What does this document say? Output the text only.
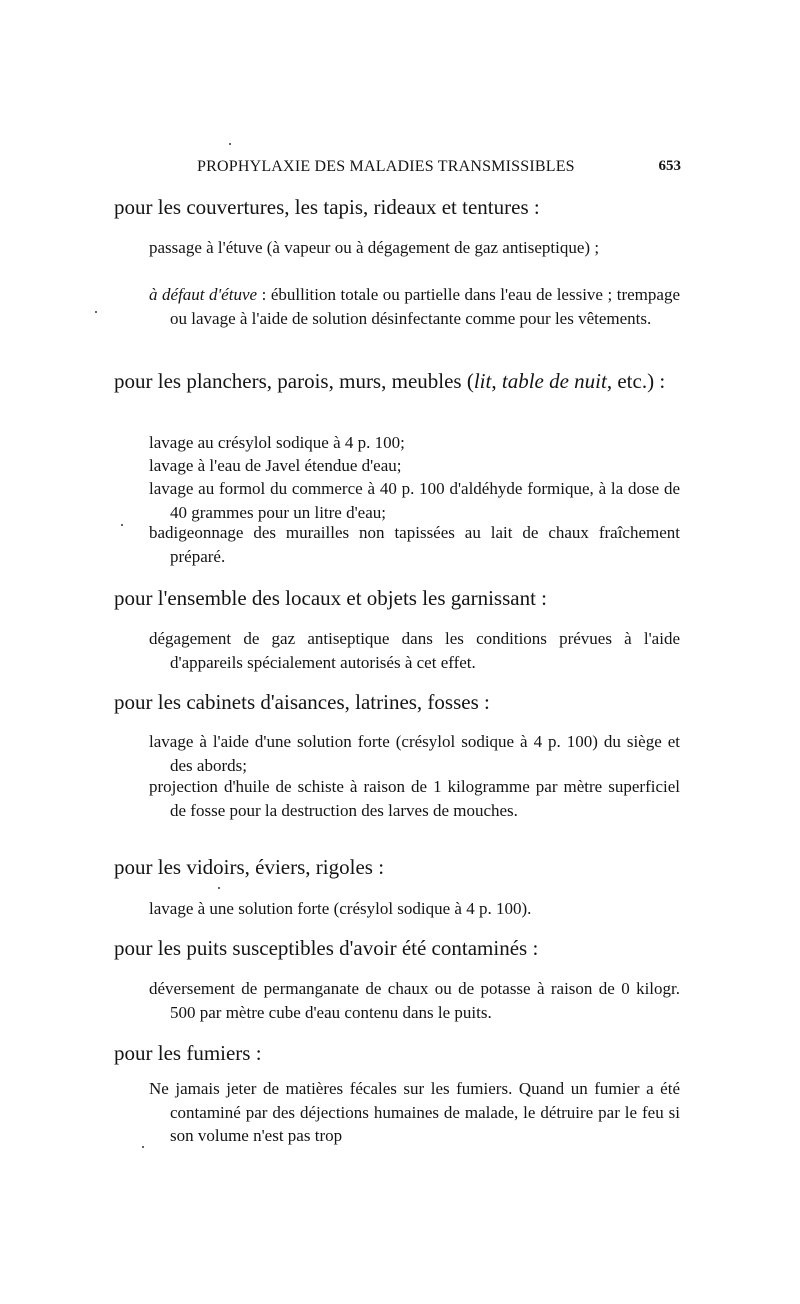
PROPHYLAXIE DES MALADIES TRANSMISSIBLES	653
pour les couvertures, les tapis, rideaux et tentures :
passage à l'étuve (à vapeur ou à dégagement de gaz antiseptique) ;
à défaut d'étuve : ébullition totale ou partielle dans l'eau de lessive ; trempage ou lavage à l'aide de solution désinfectante comme pour les vêtements.
pour les planchers, parois, murs, meubles (lit, table de nuit, etc.) :
lavage au crésylol sodique à 4 p. 100;
lavage à l'eau de Javel étendue d'eau;
lavage au formol du commerce à 40 p. 100 d'aldéhyde formique, à la dose de 40 grammes pour un litre d'eau;
badigeonnage des murailles non tapissées au lait de chaux fraîchement préparé.
pour l'ensemble des locaux et objets les garnissant :
dégagement de gaz antiseptique dans les conditions prévues à l'aide d'appareils spécialement autorisés à cet effet.
pour les cabinets d'aisances, latrines, fosses :
lavage à l'aide d'une solution forte (crésylol sodique à 4 p. 100) du siège et des abords;
projection d'huile de schiste à raison de 1 kilogramme par mètre superficiel de fosse pour la destruction des larves de mouches.
pour les vidoirs, éviers, rigoles :
lavage à une solution forte (crésylol sodique à 4 p. 100).
pour les puits susceptibles d'avoir été contaminés :
déversement de permanganate de chaux ou de potasse à raison de 0 kilogr. 500 par mètre cube d'eau contenu dans le puits.
pour les fumiers :
Ne jamais jeter de matières fécales sur les fumiers. Quand un fumier a été contaminé par des déjections humaines de malade, le détruire par le feu si son volume n'est pas trop
